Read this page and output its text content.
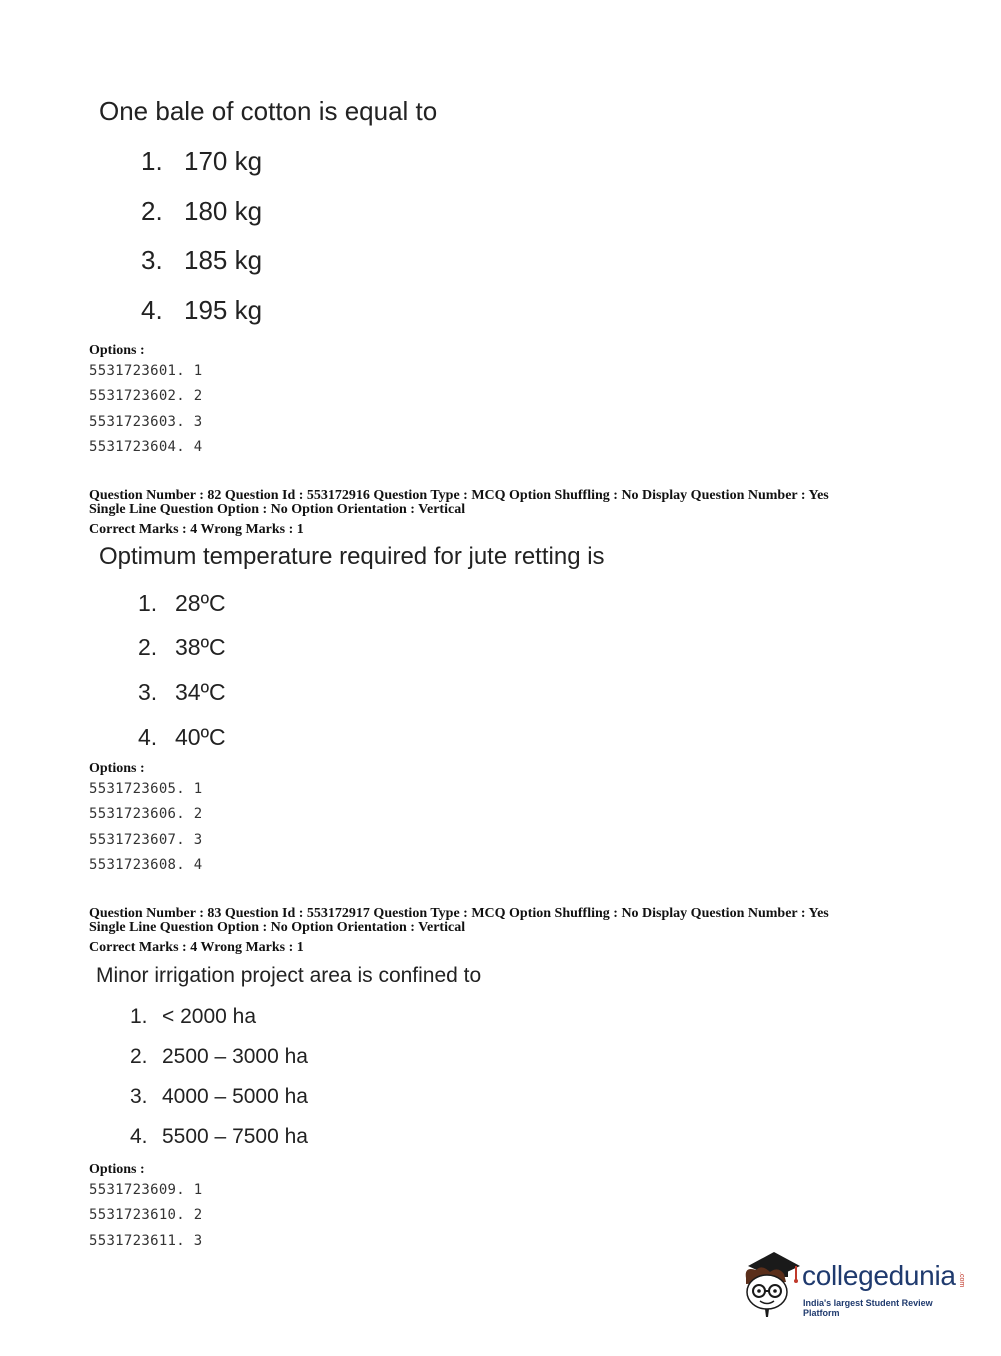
One bale of cotton is equal to
1. 170 kg
2. 180 kg
3. 185 kg
4. 195 kg
Options :
5531723601. 1
5531723602. 2
5531723603. 3
5531723604. 4
Question Number : 82 Question Id : 553172916 Question Type : MCQ Option Shuffling : No Display Question Number : Yes
Single Line Question Option : No Option Orientation : Vertical
Correct Marks : 4 Wrong Marks : 1
Optimum temperature required for jute retting is
1. 28ºC
2. 38ºC
3. 34ºC
4. 40ºC
Options :
5531723605. 1
5531723606. 2
5531723607. 3
5531723608. 4
Question Number : 83 Question Id : 553172917 Question Type : MCQ Option Shuffling : No Display Question Number : Yes
Single Line Question Option : No Option Orientation : Vertical
Correct Marks : 4 Wrong Marks : 1
Minor irrigation project area is confined to
1. < 2000 ha
2. 2500 – 3000 ha
3. 4000 – 5000 ha
4. 5500 – 7500 ha
Options :
5531723609. 1
5531723610. 2
5531723611. 3
collegedunia .com
India's largest Student Review Platform
